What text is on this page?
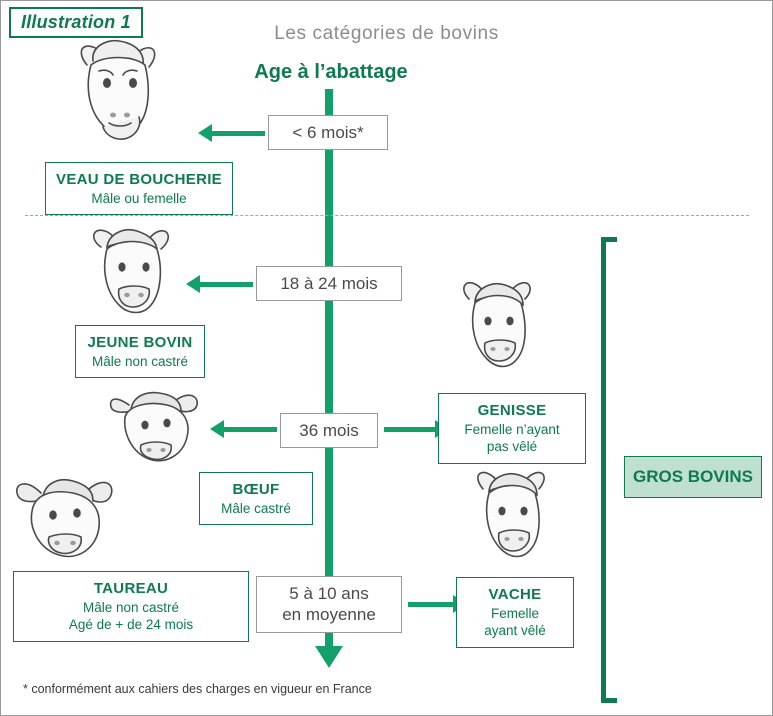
Illustration 1
Les catégories de bovins
Age à l’abattage
GROS BOVINS
< 6 mois*
18 à 24 mois
36 mois
5 à 10 ans
en moyenne
VEAU DE BOUCHERIE
Mâle ou femelle
JEUNE BOVIN
Mâle non castré
BŒUF
Mâle castré
GENISSE
Femelle n’ayant
pas vêlé
TAUREAU
Mâle non castré
Agé de + de 24 mois
VACHE
Femelle
ayant vêlé
* conformément aux cahiers des charges en vigueur en France
